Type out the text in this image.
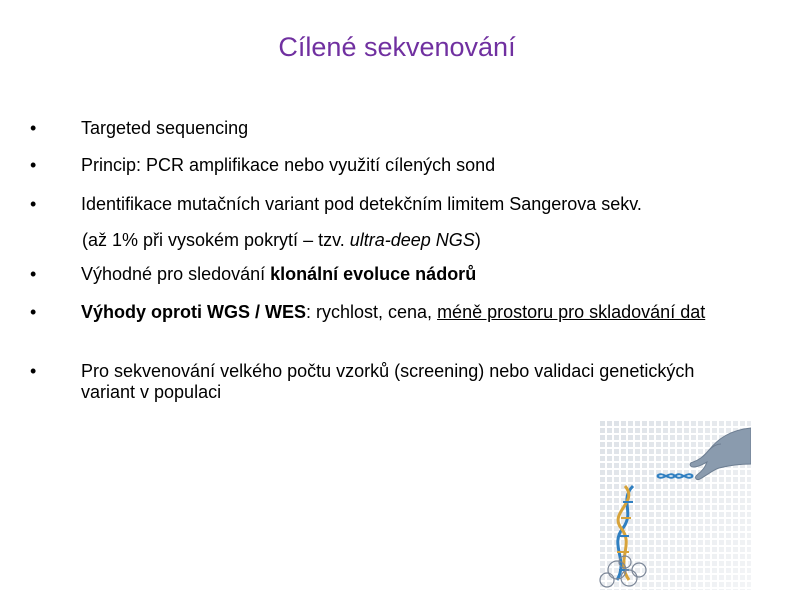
Cílené sekvenování
•	Targeted sequencing
•	Princip: PCR amplifikace nebo využití cílených sond
•	Identifikace mutačních variant pod detekčním limitem Sangerova sekv.
(až 1% při vysokém pokrytí – tzv. ultra-deep NGS)
•	Výhodné pro sledování klonální evoluce nádorů
•	Výhody oproti WGS / WES: rychlost, cena, méně prostoru pro skladování dat
•	Pro sekvenování velkého počtu vzorků (screening) nebo validaci genetických variant v populaci
